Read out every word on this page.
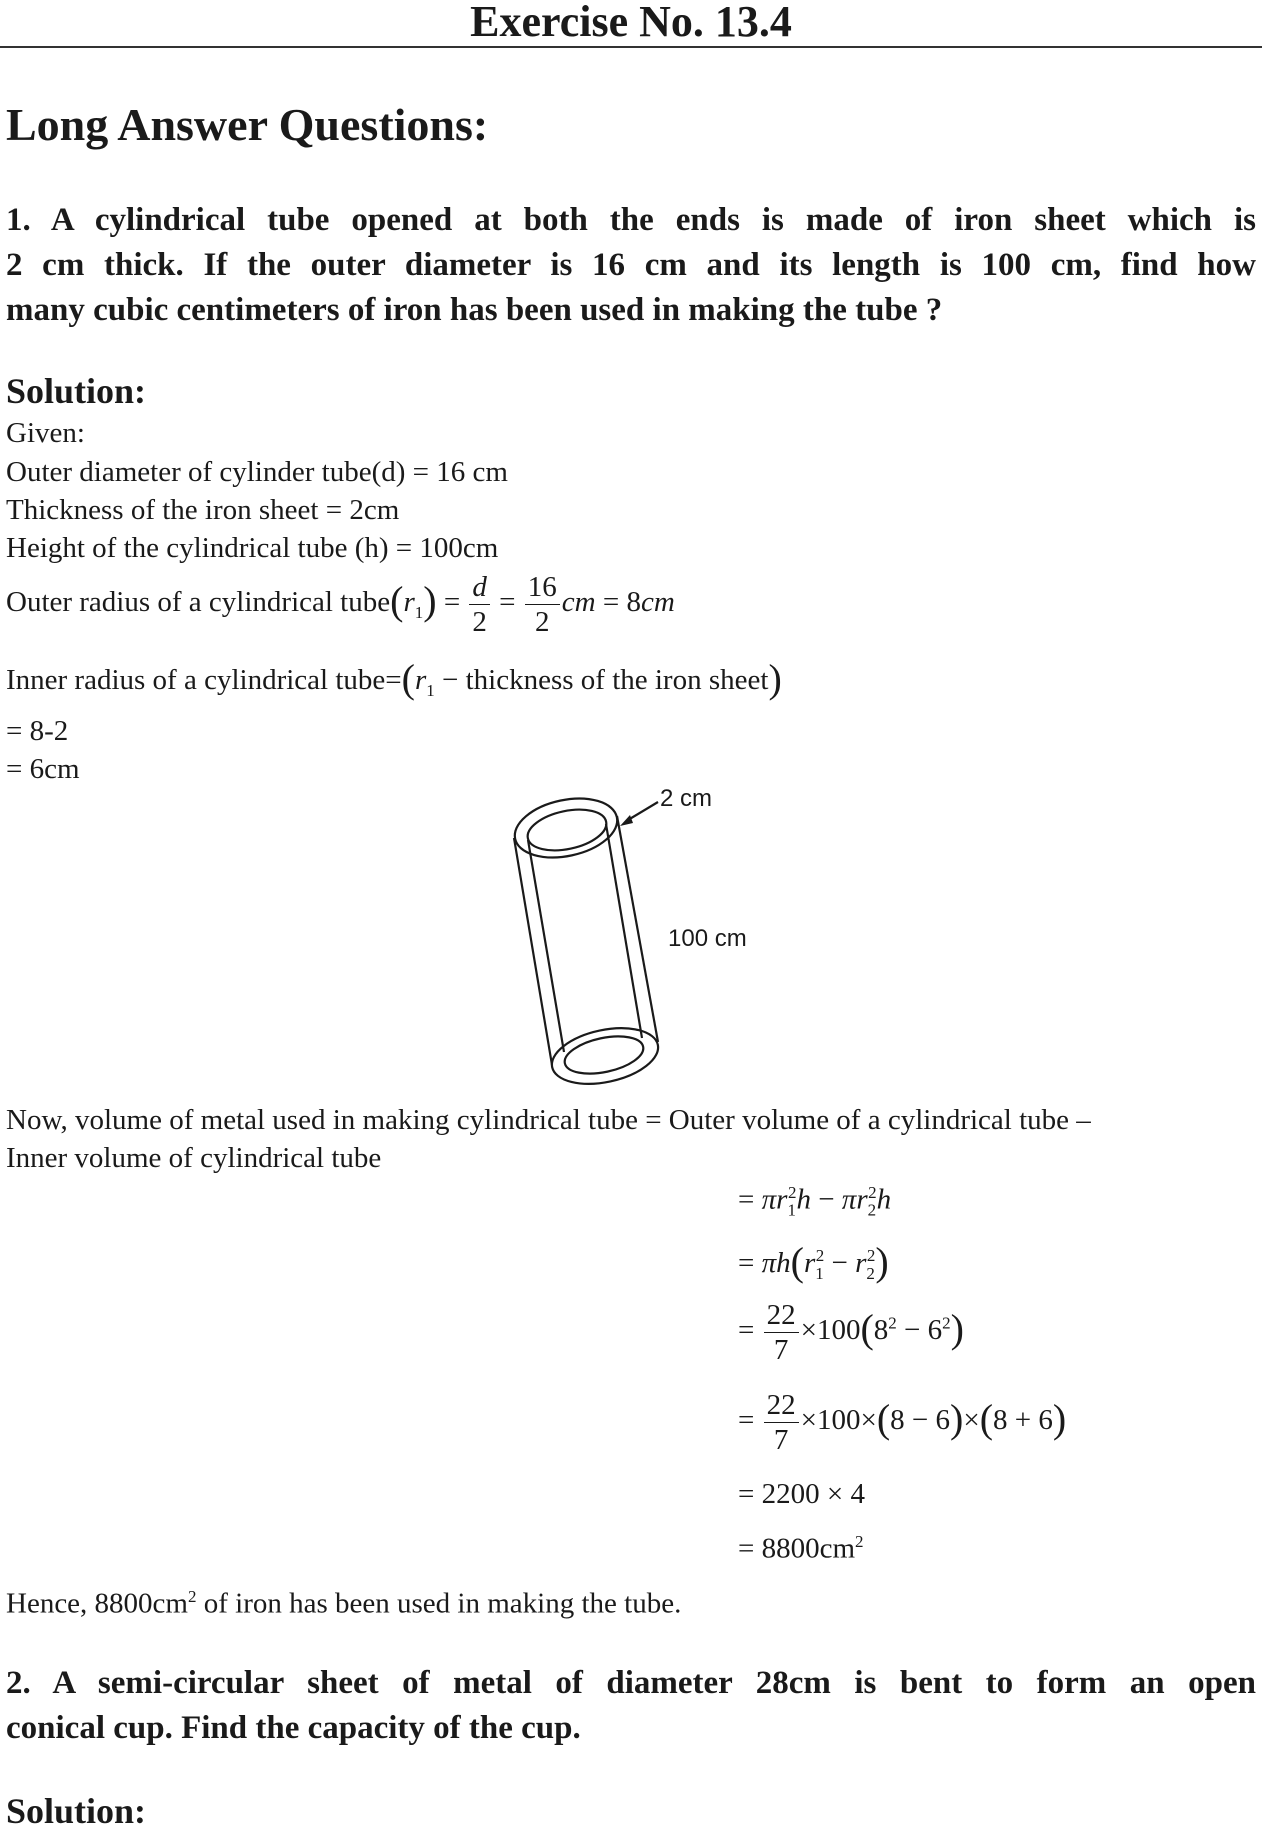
Exercise No. 13.4
Long Answer Questions:
1. A cylindrical tube opened at both the ends is made of iron sheet which is
2 cm thick. If the outer diameter is 16 cm and its length is 100 cm, find how
many cubic centimeters of iron has been used in making the tube ?
Solution:
Given:
Outer diameter of cylinder tube(d) = 16 cm
Thickness of the iron sheet = 2cm
Height of the cylindrical tube (h) = 100cm
Outer radius of a cylindrical $tube(r_1) = \frac{d}{2} = \frac{16}{2}$ cm = 8cm
Inner radius of a cylindrical $tube=(r_1$ − thickness of the iron sheet)
= 8-2
= 6cm
2 cm
100 cm
Now, volume of metal used in making cylindrical tube = Outer volume of a cylindrical tube –
Inner volume of cylindrical tube
= $\pi r_1^2h - \pi r_2^2h$
= $\pi h(r_1^2 - r_2^2)$
= $\frac{22}{7} \times 100(8^2 - 6^2)$
= $\frac{22}{7} \times 100\times(8 - 6)\times(8 + 6)$
= 2200 × 4
= $8800cm^2$
Hence, $8800cm^2$ of iron has been used in making the tube.
2. A semi-circular sheet of metal of diameter 28cm is bent to form an open
conical cup. Find the capacity of the cup.
Solution:
